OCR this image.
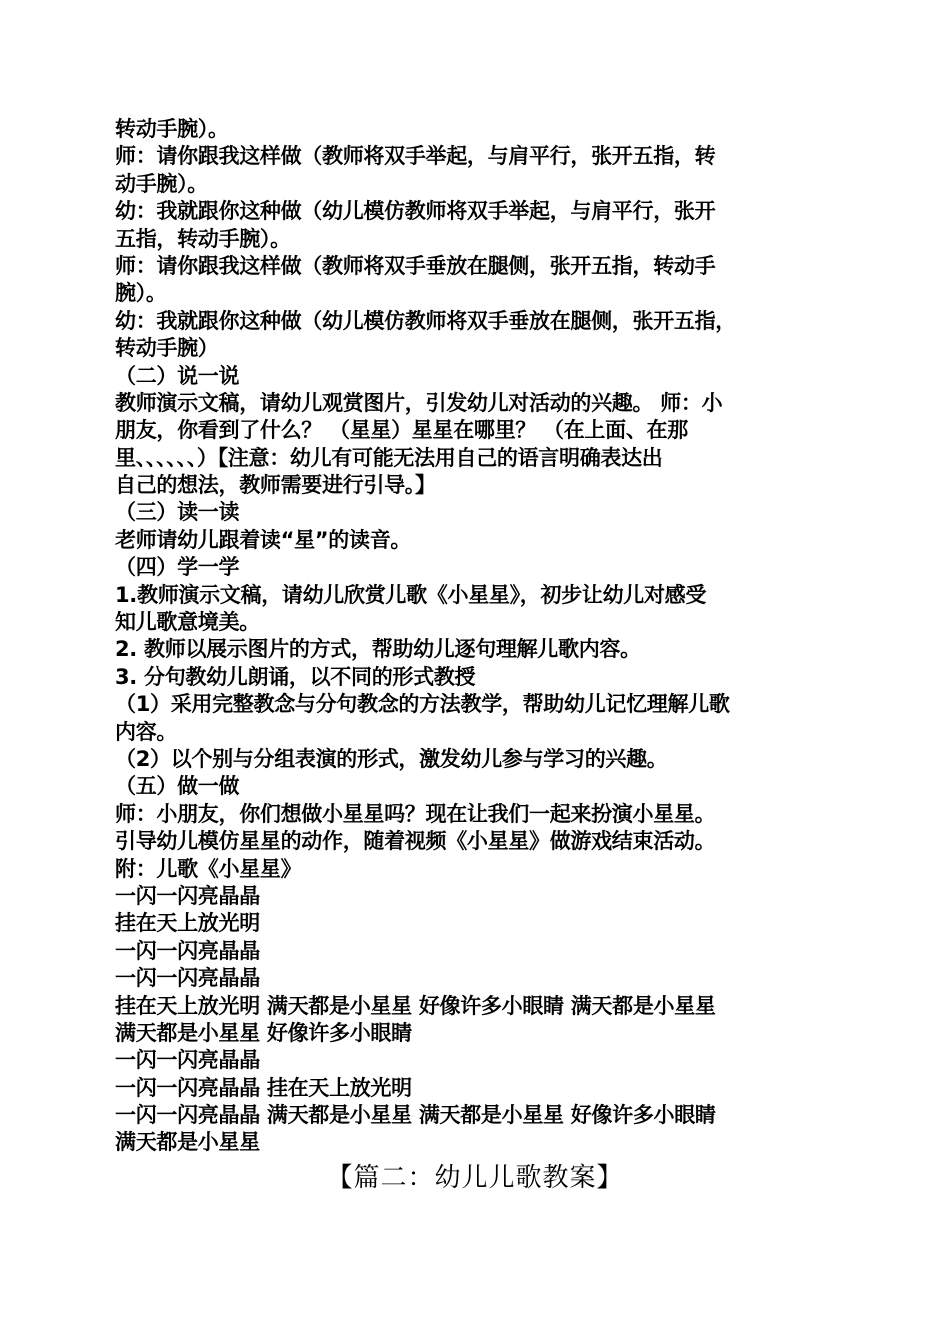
转动手腕）。
师：请你跟我这样做（教师将双手举起，与肩平行，张开五指，转
动手腕）。
幼：我就跟你这种做（幼儿模仿教师将双手举起，与肩平行，张开
五指，转动手腕）。
师：请你跟我这样做（教师将双手垂放在腿侧，张开五指，转动手
腕）。
幼：我就跟你这种做（幼儿模仿教师将双手垂放在腿侧，张开五指，
转动手腕）
（二）说一说
教师演示文稿，请幼儿观赏图片，引发幼儿对活动的兴趣。 师：小
朋友，你看到了什么？ （星星）星星在哪里？ （在上面、在那
里、、、、、、）【注意：幼儿有可能无法用自己的语言明确表达出
自己的想法，教师需要进行引导。】
（三）读一读
老师请幼儿跟着读“星”的读音。
（四）学一学
1.教师演示文稿，请幼儿欣赏儿歌《小星星》，初步让幼儿对感受
知儿歌意境美。
2. 教师以展示图片的方式，帮助幼儿逐句理解儿歌内容。
3. 分句教幼儿朗诵，以不同的形式教授
（1）采用完整教念与分句教念的方法教学，帮助幼儿记忆理解儿歌
内容。
（2）以个别与分组表演的形式，激发幼儿参与学习的兴趣。
（五）做一做
师：小朋友，你们想做小星星吗？现在让我们一起来扮演小星星。
引导幼儿模仿星星的动作，随着视频《小星星》做游戏结束活动。
附：儿歌《小星星》
一闪一闪亮晶晶
挂在天上放光明
一闪一闪亮晶晶
一闪一闪亮晶晶
挂在天上放光明 满天都是小星星 好像许多小眼睛 满天都是小星星
满天都是小星星 好像许多小眼睛
一闪一闪亮晶晶
一闪一闪亮晶晶 挂在天上放光明
一闪一闪亮晶晶 满天都是小星星 满天都是小星星 好像许多小眼睛
满天都是小星星
【篇二：幼儿儿歌教案】
